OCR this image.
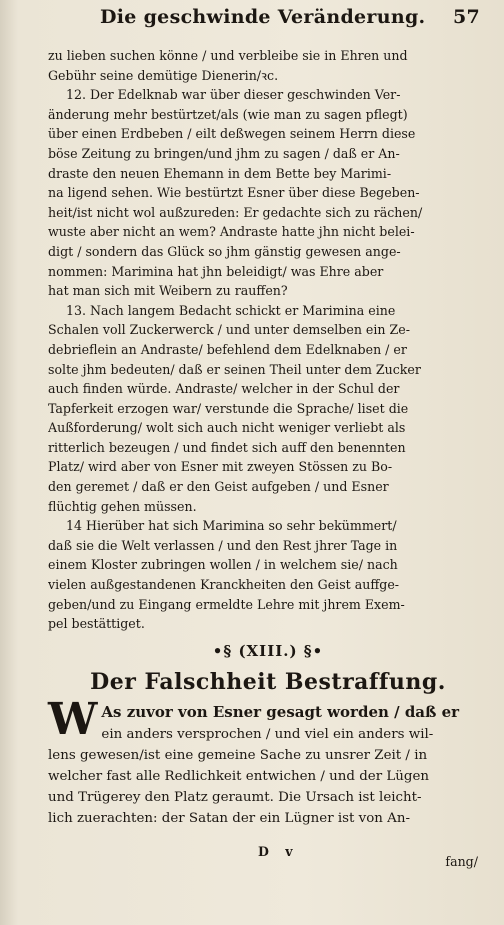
Die geschwinde Veränderung. 57
zu lieben suchen könne / und verbleibe sie in Ehren und
Gebühr seine demütige Dienerin/ꝛc.
12. Der Edelknab war über dieser geschwinden Ver-
änderung mehr bestürtzet/als (wie man zu sagen pflegt)
über einen Erdbeben / eilt deßwegen seinem Herrn diese
böse Zeitung zu bringen/und jhm zu sagen / daß er An-
draste den neuen Ehemann in dem Bette bey Marimi-
na ligend sehen. Wie bestürtzt Esner über diese Begeben-
heit/ist nicht wol außzureden: Er gedachte sich zu rächen/
wuste aber nicht an wem? Andraste hatte jhn nicht belei-
digt / sondern das Glück so jhm gänstig gewesen ange-
nommen: Marimina hat jhn beleidigt/ was Ehre aber
hat man sich mit Weibern zu rauffen?
13. Nach langem Bedacht schickt er Marimina eine
Schalen voll Zuckerwerck / und unter demselben ein Ze-
debrieflein an Andraste/ befehlend dem Edelknaben / er
solte jhm bedeuten/ daß er seinen Theil unter dem Zucker
auch finden würde. Andraste/ welcher in der Schul der
Tapferkeit erzogen war/ verstunde die Sprache/ liset die
Außforderung/ wolt sich auch nicht weniger verliebt als
ritterlich bezeugen / und findet sich auff den benennten
Platz/ wird aber von Esner mit zweyen Stössen zu Bo-
den geremet / daß er den Geist aufgeben / und Esner
flüchtig gehen müssen.
14 Hierüber hat sich Marimina so sehr bekümmert/
daß sie die Welt verlassen / und den Rest jhrer Tage in
einem Kloster zubringen wollen / in welchem sie/ nach
vielen außgestandenen Kranckheiten den Geist auffge-
geben/und zu Eingang ermeldte Lehre mit jhrem Exem-
pel bestättiget.
•§ (XIII.) §•
Der Falschheit Bestraffung.
W As zuvor von Esner gesagt worden / daß er
ein anders versprochen / und viel ein anders wil-
lens gewesen/ist eine gemeine Sache zu unsrer Zeit / in
welcher fast alle Redlichkeit entwichen / und der Lügen
und Trügerey den Platz geraumt. Die Ursach ist leicht-
lich zuerachten: der Satan der ein Lügner ist von An-
D v
fang/
